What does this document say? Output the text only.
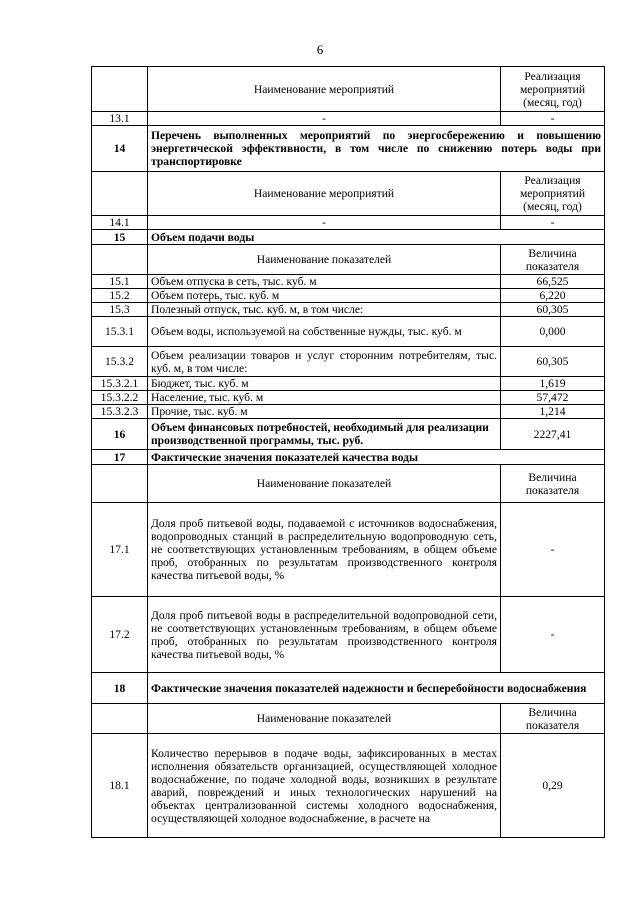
6
	Наименование мероприятий	Реализация мероприятий (месяц, год)
13.1	-	-
14	Перечень выполненных мероприятий по энергосбережению и повышению энергетической эффективности, в том числе по снижению потерь воды при транспортировке	
	Наименование мероприятий	Реализация мероприятий (месяц, год)
14.1	-	-
15	Объем подачи воды	
	Наименование показателей	Величина показателя
15.1	Объем отпуска в сеть, тыс. куб. м	66,525
15.2	Объем потерь, тыс. куб. м	6,220
15.3	Полезный отпуск, тыс. куб. м, в том числе:	60,305
15.3.1	Объем воды, используемой на собственные нужды, тыс. куб. м	0,000
15.3.2	Объем реализации товаров и услуг сторонним потребителям, тыс. куб. м, в том числе:	60,305
15.3.2.1	Бюджет, тыс. куб. м	1,619
15.3.2.2	Население, тыс. куб. м	57,472
15.3.2.3	Прочие, тыс. куб. м	1,214
16	Объем финансовых потребностей, необходимый для реализации производственной программы, тыс. руб.	2227,41
17	Фактические значения показателей качества воды	
	Наименование показателей	Величина показателя
17.1	Доля проб питьевой воды, подаваемой с источников водоснабжения, водопроводных станций в распределительную водопроводную сеть, не соответствующих установленным требованиям, в общем объеме проб, отобранных по результатам производственного контроля качества питьевой воды, %	-
17.2	Доля проб питьевой воды в распределительной водопроводной сети, не соответствующих установленным требованиям, в общем объеме проб, отобранных по результатам производственного контроля качества питьевой воды, %	-
18	Фактические значения показателей надежности и бесперебойности водоснабжения	
	Наименование показателей	Величина показателя
18.1	Количество перерывов в подаче воды, зафиксированных в местах исполнения обязательств организацией, осуществляющей холодное водоснабжение, по подаче холодной воды, возникших в результате аварий, повреждений и иных технологических нарушений на объектах централизованной системы холодного водоснабжения, осуществляющей холодное водоснабжение, в расчете на	0,29
